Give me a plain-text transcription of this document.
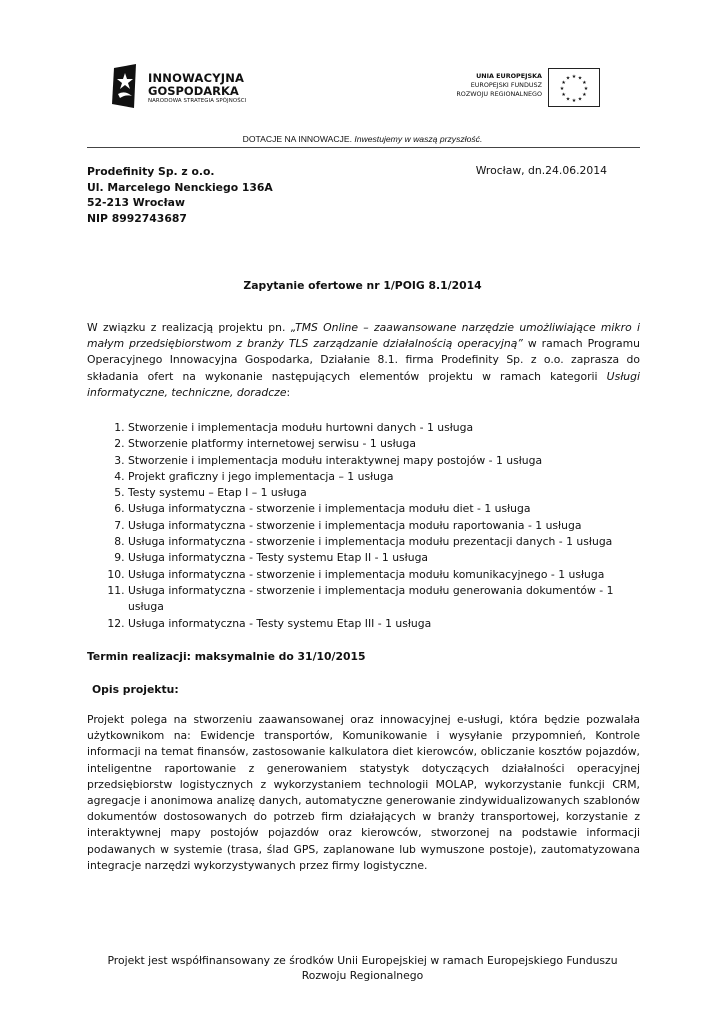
INNOWACYJNA
GOSPODARKA
NARODOWA STRATEGIA SPÓJNOŚCI
UNIA EUROPEJSKA
EUROPEJSKI FUNDUSZ
ROZWOJU REGIONALNEGO
★ ★
★
★
★
★
★
★
★
★
★
★
DOTACJE NA INNOWACJE. Inwestujemy w waszą przyszłość.
Prodefinity Sp. z o.o.
Ul. Marcelego Nenckiego 136A
52-213 Wrocław
NIP 8992743687
Wrocław, dn.24.06.2014
Zapytanie ofertowe nr 1/POIG 8.1/2014
W związku z realizacją projektu pn. „TMS Online – zaawansowane narzędzie umożliwiające mikro i małym przedsiębiorstwom z branży TLS zarządzanie działalnością operacyjną” w ramach Programu Operacyjnego Innowacyjna Gospodarka, Działanie 8.1. firma Prodefinity Sp. z o.o. zaprasza do składania ofert na wykonanie następujących elementów projektu w ramach kategorii Usługi informatyczne, techniczne, doradcze:
1. Stworzenie i implementacja modułu hurtowni danych - 1 usługa
2. Stworzenie platformy internetowej serwisu - 1 usługa
3. Stworzenie i implementacja modułu interaktywnej mapy postojów - 1 usługa
4. Projekt graficzny i jego implementacja – 1 usługa
5. Testy systemu – Etap I – 1 usługa
6. Usługa informatyczna - stworzenie i implementacja modułu diet - 1 usługa
7. Usługa informatyczna - stworzenie i implementacja modułu raportowania - 1 usługa
8. Usługa informatyczna - stworzenie i implementacja modułu prezentacji danych - 1 usługa
9. Usługa informatyczna - Testy systemu Etap II - 1 usługa
10. Usługa informatyczna - stworzenie i implementacja modułu komunikacyjnego - 1 usługa
11. Usługa informatyczna - stworzenie i implementacja modułu generowania dokumentów - 1 usługa
12. Usługa informatyczna - Testy systemu Etap III - 1 usługa
Termin realizacji: maksymalnie do 31/10/2015
Opis projektu:
Projekt polega na stworzeniu zaawansowanej oraz innowacyjnej e-usługi, która będzie pozwalała użytkownikom na: Ewidencje transportów, Komunikowanie i wysyłanie przypomnień, Kontrole informacji na temat finansów, zastosowanie kalkulatora diet kierowców, obliczanie kosztów pojazdów, inteligentne raportowanie z generowaniem statystyk dotyczących działalności operacyjnej przedsiębiorstw logistycznych z wykorzystaniem technologii MOLAP, wykorzystanie funkcji CRM, agregacje i anonimowa analizę danych, automatyczne generowanie zindywidualizowanych szablonów dokumentów dostosowanych do potrzeb firm działających w branży transportowej, korzystanie z interaktywnej mapy postojów pojazdów oraz kierowców, stworzonej na podstawie informacji podawanych w systemie (trasa, ślad GPS, zaplanowane lub wymuszone postoje), zautomatyzowana integracje narzędzi wykorzystywanych przez firmy logistyczne.
Projekt jest współfinansowany ze środków Unii Europejskiej w ramach Europejskiego Funduszu
Rozwoju Regionalnego
